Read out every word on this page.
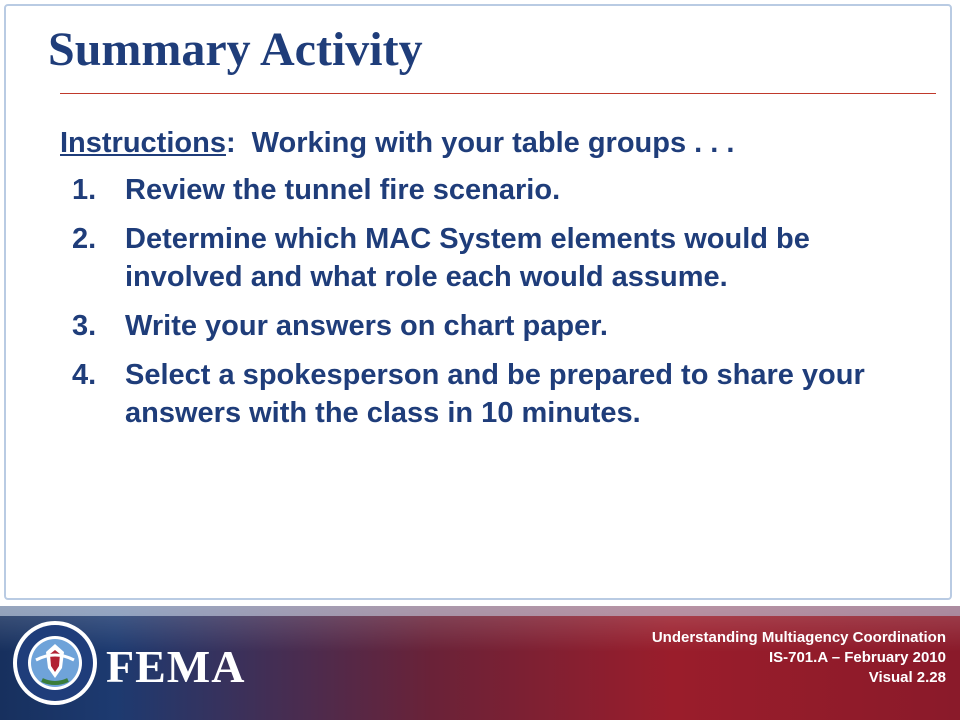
Summary Activity
Instructions: Working with your table groups . . .
1. Review the tunnel fire scenario.
2. Determine which MAC System elements would be involved and what role each would assume.
3. Write your answers on chart paper.
4. Select a spokesperson and be prepared to share your answers with the class in 10 minutes.
FEMA
Understanding Multiagency Coordination
IS-701.A – February 2010
Visual 2.28
